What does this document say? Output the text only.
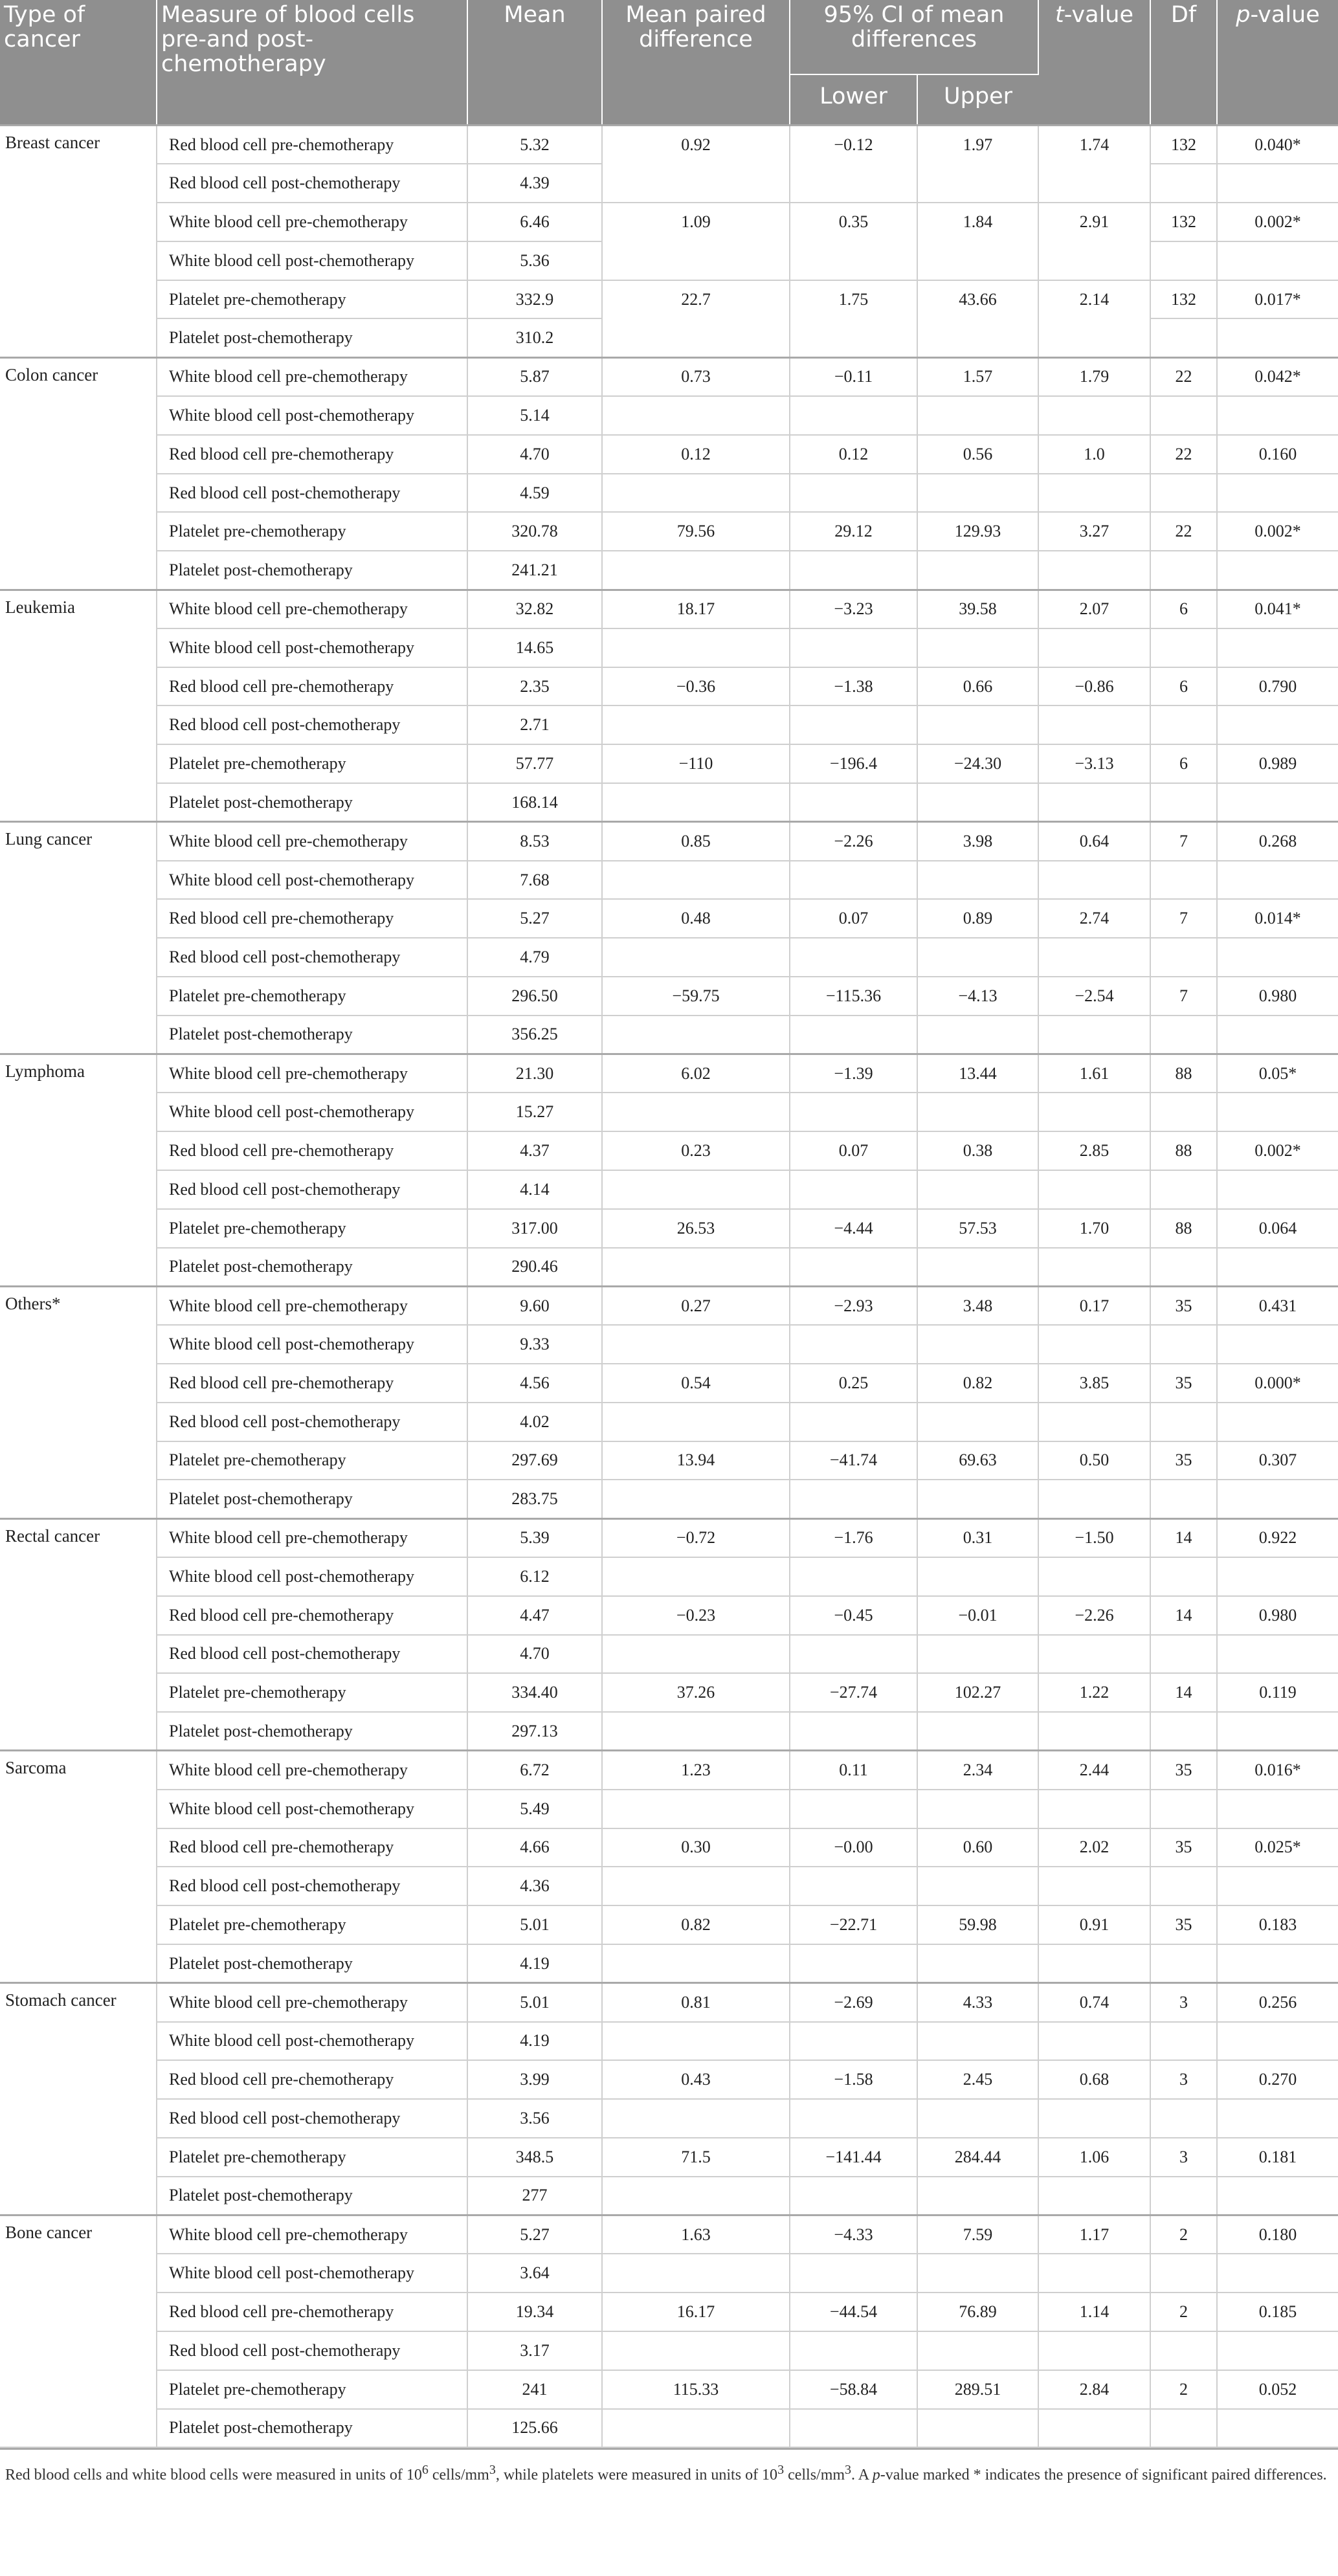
Type of cancer	Measure of blood cells pre-and post-chemotherapy	Mean	Mean paired difference	95% CI of mean differences		t-value	Df	p-value
				Lower	Upper			
Breast cancer	Red blood cell pre-chemotherapy	5.32	0.92	−0.12	1.97	1.74	132	0.040*
	Red blood cell post-chemotherapy	4.39						
	White blood cell pre-chemotherapy	6.46	1.09	0.35	1.84	2.91	132	0.002*
	White blood cell post-chemotherapy	5.36						
	Platelet pre-chemotherapy	332.9	22.7	1.75	43.66	2.14	132	0.017*
	Platelet post-chemotherapy	310.2						
Colon cancer	White blood cell pre-chemotherapy	5.87	0.73	−0.11	1.57	1.79	22	0.042*
	White blood cell post-chemotherapy	5.14						
	Red blood cell pre-chemotherapy	4.70	0.12	0.12	0.56	1.0	22	0.160
	Red blood cell post-chemotherapy	4.59						
	Platelet pre-chemotherapy	320.78	79.56	29.12	129.93	3.27	22	0.002*
	Platelet post-chemotherapy	241.21						
Leukemia	White blood cell pre-chemotherapy	32.82	18.17	−3.23	39.58	2.07	6	0.041*
	White blood cell post-chemotherapy	14.65						
	Red blood cell pre-chemotherapy	2.35	−0.36	−1.38	0.66	−0.86	6	0.790
	Red blood cell post-chemotherapy	2.71						
	Platelet pre-chemotherapy	57.77	−110	−196.4	−24.30	−3.13	6	0.989
	Platelet post-chemotherapy	168.14						
Lung cancer	White blood cell pre-chemotherapy	8.53	0.85	−2.26	3.98	0.64	7	0.268
	White blood cell post-chemotherapy	7.68						
	Red blood cell pre-chemotherapy	5.27	0.48	0.07	0.89	2.74	7	0.014*
	Red blood cell post-chemotherapy	4.79						
	Platelet pre-chemotherapy	296.50	−59.75	−115.36	−4.13	−2.54	7	0.980
	Platelet post-chemotherapy	356.25						
Lymphoma	White blood cell pre-chemotherapy	21.30	6.02	−1.39	13.44	1.61	88	0.05*
	White blood cell post-chemotherapy	15.27						
	Red blood cell pre-chemotherapy	4.37	0.23	0.07	0.38	2.85	88	0.002*
	Red blood cell post-chemotherapy	4.14						
	Platelet pre-chemotherapy	317.00	26.53	−4.44	57.53	1.70	88	0.064
	Platelet post-chemotherapy	290.46						
Others*	White blood cell pre-chemotherapy	9.60	0.27	−2.93	3.48	0.17	35	0.431
	White blood cell post-chemotherapy	9.33						
	Red blood cell pre-chemotherapy	4.56	0.54	0.25	0.82	3.85	35	0.000*
	Red blood cell post-chemotherapy	4.02						
	Platelet pre-chemotherapy	297.69	13.94	−41.74	69.63	0.50	35	0.307
	Platelet post-chemotherapy	283.75						
Rectal cancer	White blood cell pre-chemotherapy	5.39	−0.72	−1.76	0.31	−1.50	14	0.922
	White blood cell post-chemotherapy	6.12						
	Red blood cell pre-chemotherapy	4.47	−0.23	−0.45	−0.01	−2.26	14	0.980
	Red blood cell post-chemotherapy	4.70						
	Platelet pre-chemotherapy	334.40	37.26	−27.74	102.27	1.22	14	0.119
	Platelet post-chemotherapy	297.13						
Sarcoma	White blood cell pre-chemotherapy	6.72	1.23	0.11	2.34	2.44	35	0.016*
	White blood cell post-chemotherapy	5.49						
	Red blood cell pre-chemotherapy	4.66	0.30	−0.00	0.60	2.02	35	0.025*
	Red blood cell post-chemotherapy	4.36						
	Platelet pre-chemotherapy	5.01	0.82	−22.71	59.98	0.91	35	0.183
	Platelet post-chemotherapy	4.19						
Stomach cancer	White blood cell pre-chemotherapy	5.01	0.81	−2.69	4.33	0.74	3	0.256
	White blood cell post-chemotherapy	4.19						
	Red blood cell pre-chemotherapy	3.99	0.43	−1.58	2.45	0.68	3	0.270
	Red blood cell post-chemotherapy	3.56						
	Platelet pre-chemotherapy	348.5	71.5	−141.44	284.44	1.06	3	0.181
	Platelet post-chemotherapy	277						
Bone cancer	White blood cell pre-chemotherapy	5.27	1.63	−4.33	7.59	1.17	2	0.180
	White blood cell post-chemotherapy	3.64						
	Red blood cell pre-chemotherapy	19.34	16.17	−44.54	76.89	1.14	2	0.185
	Red blood cell post-chemotherapy	3.17						
	Platelet pre-chemotherapy	241	115.33	−58.84	289.51	2.84	2	0.052
	Platelet post-chemotherapy	125.66						
Red blood cells and white blood cells were measured in units of $10^6$ cells/$mm^3$, while platelets were measured in units of $10^3$ cells/$mm^3$. A p-value marked * indicates the presence of significant paired differences.
